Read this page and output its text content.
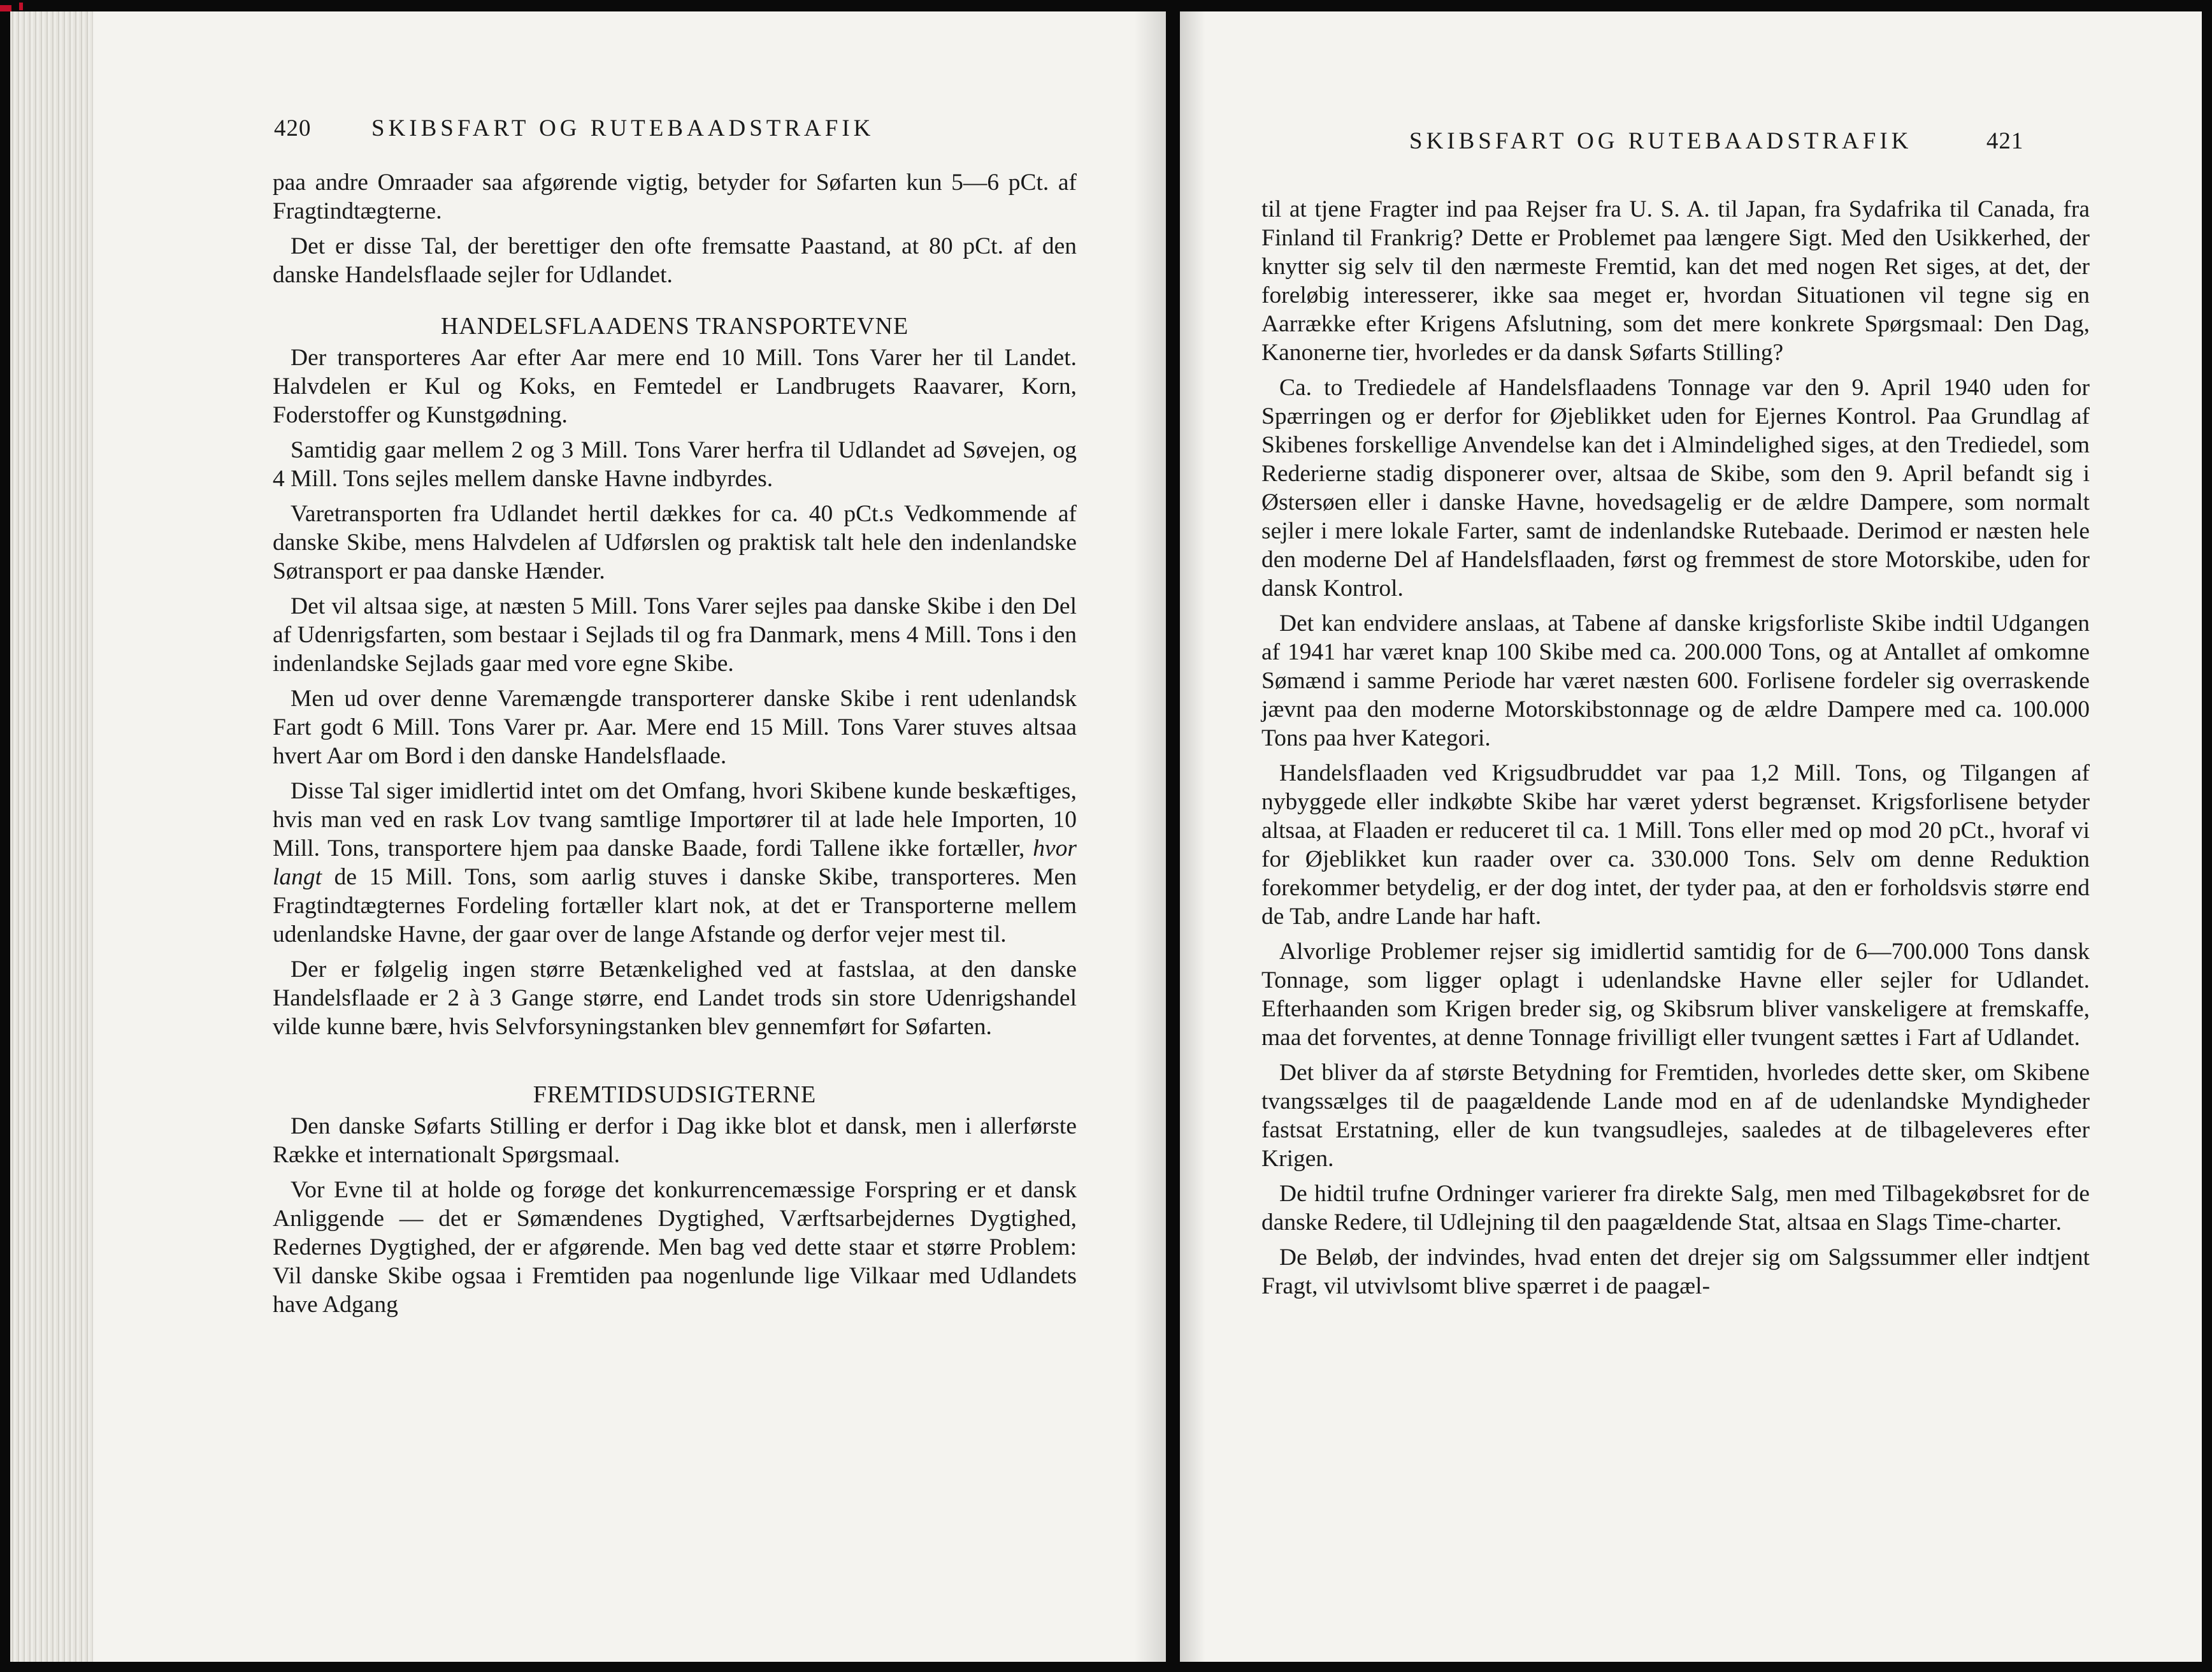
420	SKIBSFART OG RUTEBAADSTRAFIK

paa andre Omraader saa afgørende vigtig, betyder for Søfarten kun 5—6 pCt. af Fragtindtægterne.

Det er disse Tal, der berettiger den ofte fremsatte Paastand, at 80 pCt. af den danske Handelsflaade sejler for Udlandet.

HANDELSFLAADENS TRANSPORTEVNE

Der transporteres Aar efter Aar mere end 10 Mill. Tons Varer her til Landet. Halvdelen er Kul og Koks, en Femtedel er Landbrugets Raavarer, Korn, Foderstoffer og Kunstgødning.

Samtidig gaar mellem 2 og 3 Mill. Tons Varer herfra til Udlandet ad Søvejen, og 4 Mill. Tons sejles mellem danske Havne indbyrdes.

Varetransporten fra Udlandet hertil dækkes for ca. 40 pCt.s Vedkommende af danske Skibe, mens Halvdelen af Udførslen og praktisk talt hele den indenlandske Søtransport er paa danske Hænder.

Det vil altsaa sige, at næsten 5 Mill. Tons Varer sejles paa danske Skibe i den Del af Udenrigsfarten, som bestaar i Sejlads til og fra Danmark, mens 4 Mill. Tons i den indenlandske Sejlads gaar med vore egne Skibe.

Men ud over denne Varemængde transporterer danske Skibe i rent udenlandsk Fart godt 6 Mill. Tons Varer pr. Aar. Mere end 15 Mill. Tons Varer stuves altsaa hvert Aar om Bord i den danske Handelsflaade.

Disse Tal siger imidlertid intet om det Omfang, hvori Skibene kunde beskæftiges, hvis man ved en rask Lov tvang samtlige Importører til at lade hele Importen, 10 Mill. Tons, transportere hjem paa danske Baade, fordi Tallene ikke fortæller, hvor langt de 15 Mill. Tons, som aarlig stuves i danske Skibe, transporteres. Men Fragtindtægternes Fordeling fortæller klart nok, at det er Transporterne mellem udenlandske Havne, der gaar over de lange Afstande og derfor vejer mest til.

Der er følgelig ingen større Betænkelighed ved at fastslaa, at den danske Handelsflaade er 2 à 3 Gange større, end Landet trods sin store Udenrigshandel vilde kunne bære, hvis Selvforsyningstanken blev gennemført for Søfarten.

FREMTIDSUDSIGTERNE

Den danske Søfarts Stilling er derfor i Dag ikke blot et dansk, men i allerførste Række et internationalt Spørgsmaal.

Vor Evne til at holde og forøge det konkurrencemæssige Forspring er et dansk Anliggende — det er Sømændenes Dygtighed, Værftsarbejdernes Dygtighed, Redernes Dygtighed, der er afgørende. Men bag ved dette staar et større Problem: Vil danske Skibe ogsaa i Fremtiden paa nogenlunde lige Vilkaar med Udlandets have Adgang

SKIBSFART OG RUTEBAADSTRAFIK	421

til at tjene Fragter ind paa Rejser fra U. S. A. til Japan, fra Sydafrika til Canada, fra Finland til Frankrig? Dette er Problemet paa længere Sigt. Med den Usikkerhed, der knytter sig selv til den nærmeste Fremtid, kan det med nogen Ret siges, at det, der foreløbig interesserer, ikke saa meget er, hvordan Situationen vil tegne sig en Aarrække efter Krigens Afslutning, som det mere konkrete Spørgsmaal: Den Dag, Kanonerne tier, hvorledes er da dansk Søfarts Stilling?

Ca. to Trediedele af Handelsflaadens Tonnage var den 9. April 1940 uden for Spærringen og er derfor for Øjeblikket uden for Ejernes Kontrol. Paa Grundlag af Skibenes forskellige Anvendelse kan det i Almindelighed siges, at den Trediedel, som Rederierne stadig disponerer over, altsaa de Skibe, som den 9. April befandt sig i Østersøen eller i danske Havne, hovedsagelig er de ældre Dampere, som normalt sejler i mere lokale Farter, samt de indenlandske Rutebaade. Derimod er næsten hele den moderne Del af Handelsflaaden, først og fremmest de store Motorskibe, uden for dansk Kontrol.

Det kan endvidere anslaas, at Tabene af danske krigsforliste Skibe indtil Udgangen af 1941 har været knap 100 Skibe med ca. 200.000 Tons, og at Antallet af omkomne Sømænd i samme Periode har været næsten 600. Forlisene fordeler sig overraskende jævnt paa den moderne Motorskibstonnage og de ældre Dampere med ca. 100.000 Tons paa hver Kategori.

Handelsflaaden ved Krigsudbruddet var paa 1,2 Mill. Tons, og Tilgangen af nybyggede eller indkøbte Skibe har været yderst begrænset. Krigsforlisene betyder altsaa, at Flaaden er reduceret til ca. 1 Mill. Tons eller med op mod 20 pCt., hvoraf vi for Øjeblikket kun raader over ca. 330.000 Tons. Selv om denne Reduktion forekommer betydelig, er der dog intet, der tyder paa, at den er forholdsvis større end de Tab, andre Lande har haft.

Alvorlige Problemer rejser sig imidlertid samtidig for de 6—700.000 Tons dansk Tonnage, som ligger oplagt i udenlandske Havne eller sejler for Udlandet. Efterhaanden som Krigen breder sig, og Skibsrum bliver vanskeligere at fremskaffe, maa det forventes, at denne Tonnage frivilligt eller tvungent sættes i Fart af Udlandet.

Det bliver da af største Betydning for Fremtiden, hvorledes dette sker, om Skibene tvangssælges til de paagældende Lande mod en af de udenlandske Myndigheder fastsat Erstatning, eller de kun tvangsudlejes, saaledes at de tilbageleveres efter Krigen.

De hidtil trufne Ordninger varierer fra direkte Salg, men med Tilbagekøbsret for de danske Redere, til Udlejning til den paagældende Stat, altsaa en Slags Time-charter.

De Beløb, der indvindes, hvad enten det drejer sig om Salgssummer eller indtjent Fragt, vil utvivlsomt blive spærret i de paagæl-
